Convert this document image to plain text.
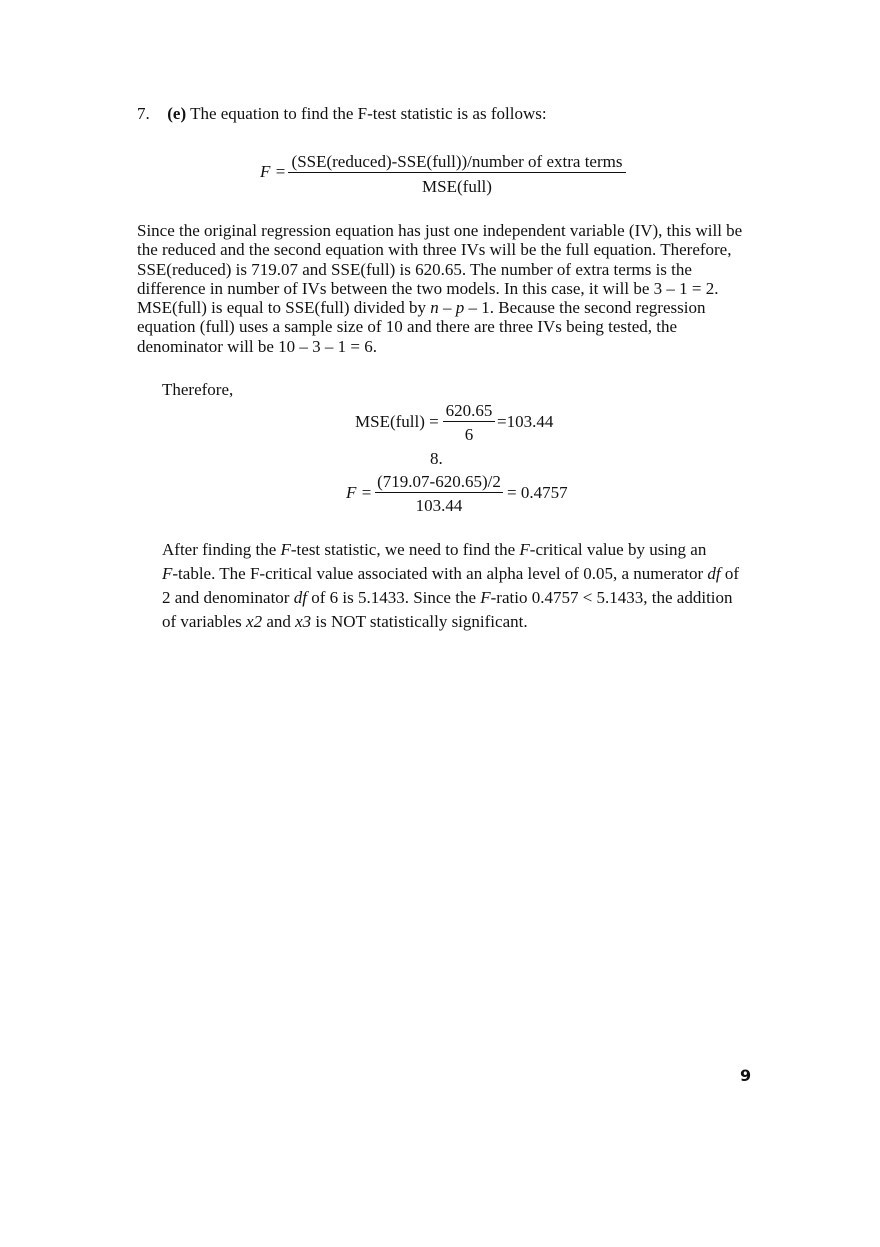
7. (e) The equation to find the F-test statistic is as follows:
F =
(SSE(reduced)-SSE(full))/number of extra terms
MSE(full)
Since the original regression equation has just one independent variable (IV), this will be
the reduced and the second equation with three IVs will be the full equation. Therefore,
SSE(reduced) is 719.07 and SSE(full) is 620.65. The number of extra terms is the
difference in number of IVs between the two models. In this case, it will be 3 – 1 = 2.
MSE(full) is equal to SSE(full) divided by n – p – 1. Because the second regression
equation (full) uses a sample size of 10 and there are three IVs being tested, the
denominator will be 10 – 3 – 1 = 6.
Therefore,
MSE(full) =
620.65
6
=103.44
8.
F =
(719.07-620.65)/2
103.44
= 0.4757
After finding the F-test statistic, we need to find the F-critical value by using an
F-table. The F-critical value associated with an alpha level of 0.05, a numerator df of
2 and denominator df of 6 is 5.1433. Since the F-ratio 0.4757 < 5.1433, the addition
of variables x2 and x3 is NOT statistically significant.
9
